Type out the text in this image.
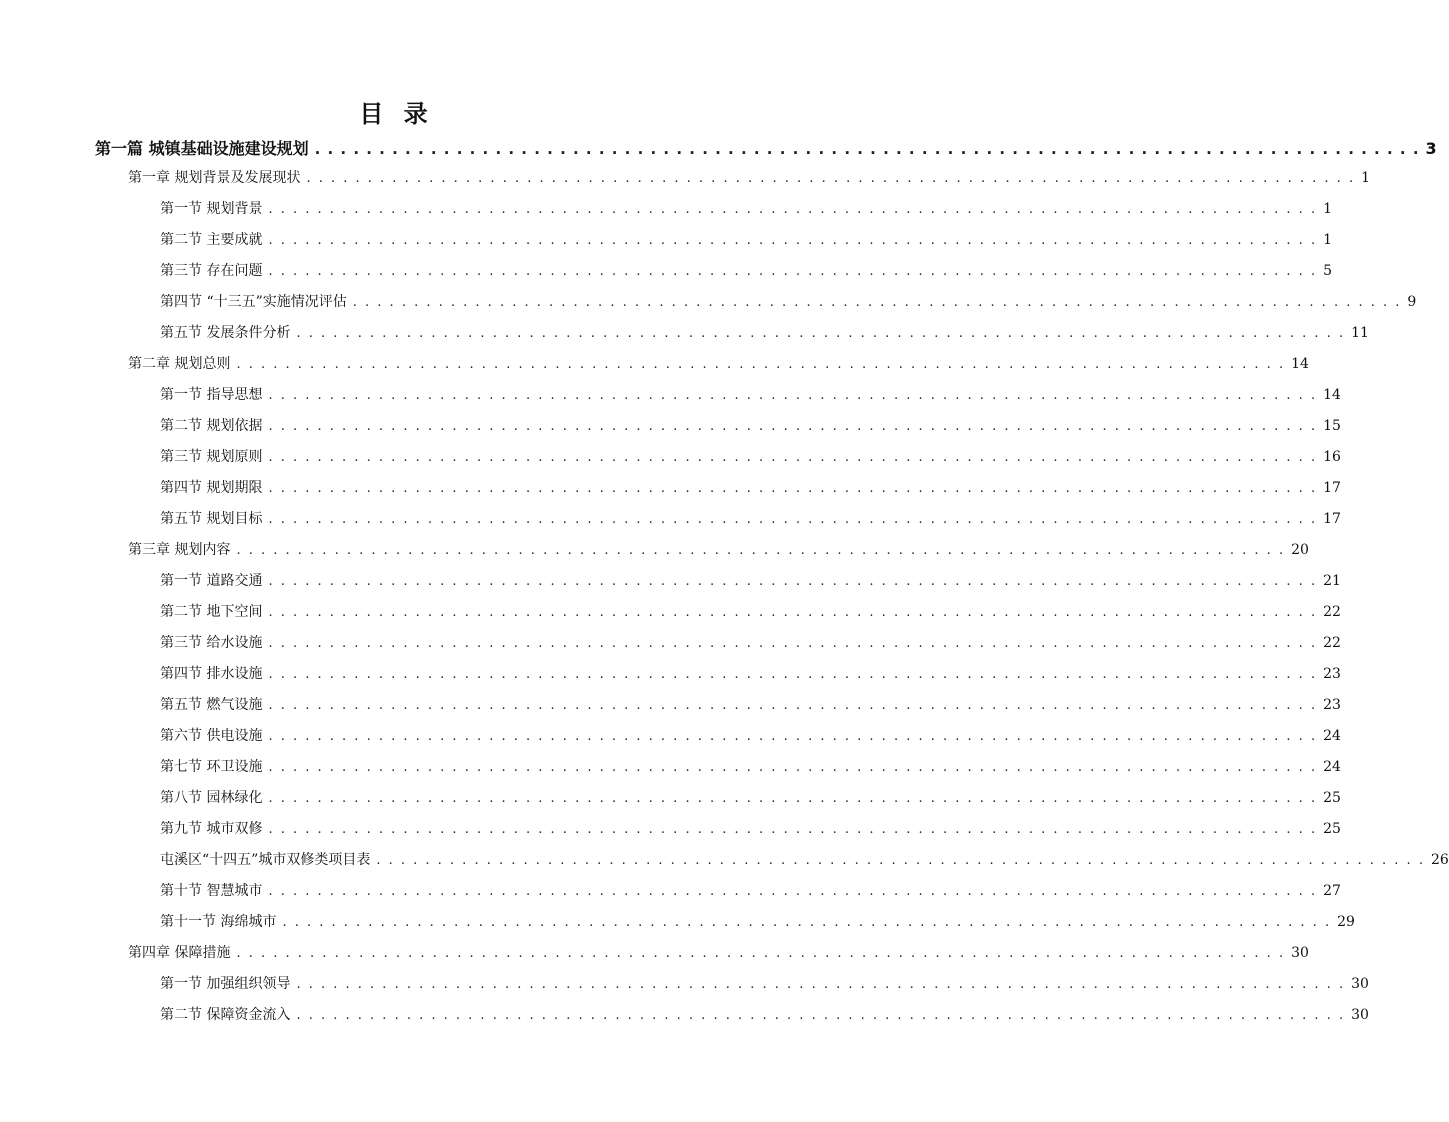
目 录
第一篇 城镇基础设施建设规划 . . . . . . . . . . . . . . . . . . . . . . . . . . . . . . . . . . . . . . . . . . . . . . . . . . . . . . . . . . . . . . . . . . . . . . . . . . . . . . . . . . . . . . 3
第一章 规划背景及发展现状 . . . . . . . . . . . . . . . . . . . . . . . . . . . . . . . . . . . . . . . . . . . . . . . . . . . . . . . . . . . . . . . . . . . . . . . . . . . . . . . . . . . . . . 1
第一节 规划背景 . . . . . . . . . . . . . . . . . . . . . . . . . . . . . . . . . . . . . . . . . . . . . . . . . . . . . . . . . . . . . . . . . . . . . . . . . . . . . . . . . . . . . . 1
第二节 主要成就 . . . . . . . . . . . . . . . . . . . . . . . . . . . . . . . . . . . . . . . . . . . . . . . . . . . . . . . . . . . . . . . . . . . . . . . . . . . . . . . . . . . . . . 1
第三节 存在问题 . . . . . . . . . . . . . . . . . . . . . . . . . . . . . . . . . . . . . . . . . . . . . . . . . . . . . . . . . . . . . . . . . . . . . . . . . . . . . . . . . . . . . . 5
第四节 “十三五”实施情况评估 . . . . . . . . . . . . . . . . . . . . . . . . . . . . . . . . . . . . . . . . . . . . . . . . . . . . . . . . . . . . . . . . . . . . . . . . . . . . . . . . . . . . . . 9
第五节 发展条件分析 . . . . . . . . . . . . . . . . . . . . . . . . . . . . . . . . . . . . . . . . . . . . . . . . . . . . . . . . . . . . . . . . . . . . . . . . . . . . . . . . . . . . . . 11
第二章 规划总则 . . . . . . . . . . . . . . . . . . . . . . . . . . . . . . . . . . . . . . . . . . . . . . . . . . . . . . . . . . . . . . . . . . . . . . . . . . . . . . . . . . . . . . 14
第一节 指导思想 . . . . . . . . . . . . . . . . . . . . . . . . . . . . . . . . . . . . . . . . . . . . . . . . . . . . . . . . . . . . . . . . . . . . . . . . . . . . . . . . . . . . . . 14
第二节 规划依据 . . . . . . . . . . . . . . . . . . . . . . . . . . . . . . . . . . . . . . . . . . . . . . . . . . . . . . . . . . . . . . . . . . . . . . . . . . . . . . . . . . . . . . 15
第三节 规划原则 . . . . . . . . . . . . . . . . . . . . . . . . . . . . . . . . . . . . . . . . . . . . . . . . . . . . . . . . . . . . . . . . . . . . . . . . . . . . . . . . . . . . . . 16
第四节 规划期限 . . . . . . . . . . . . . . . . . . . . . . . . . . . . . . . . . . . . . . . . . . . . . . . . . . . . . . . . . . . . . . . . . . . . . . . . . . . . . . . . . . . . . . 17
第五节 规划目标 . . . . . . . . . . . . . . . . . . . . . . . . . . . . . . . . . . . . . . . . . . . . . . . . . . . . . . . . . . . . . . . . . . . . . . . . . . . . . . . . . . . . . . 17
第三章 规划内容 . . . . . . . . . . . . . . . . . . . . . . . . . . . . . . . . . . . . . . . . . . . . . . . . . . . . . . . . . . . . . . . . . . . . . . . . . . . . . . . . . . . . . . 20
第一节 道路交通 . . . . . . . . . . . . . . . . . . . . . . . . . . . . . . . . . . . . . . . . . . . . . . . . . . . . . . . . . . . . . . . . . . . . . . . . . . . . . . . . . . . . . . 21
第二节 地下空间 . . . . . . . . . . . . . . . . . . . . . . . . . . . . . . . . . . . . . . . . . . . . . . . . . . . . . . . . . . . . . . . . . . . . . . . . . . . . . . . . . . . . . . 22
第三节 给水设施 . . . . . . . . . . . . . . . . . . . . . . . . . . . . . . . . . . . . . . . . . . . . . . . . . . . . . . . . . . . . . . . . . . . . . . . . . . . . . . . . . . . . . . 22
第四节 排水设施 . . . . . . . . . . . . . . . . . . . . . . . . . . . . . . . . . . . . . . . . . . . . . . . . . . . . . . . . . . . . . . . . . . . . . . . . . . . . . . . . . . . . . . 23
第五节 燃气设施 . . . . . . . . . . . . . . . . . . . . . . . . . . . . . . . . . . . . . . . . . . . . . . . . . . . . . . . . . . . . . . . . . . . . . . . . . . . . . . . . . . . . . . 23
第六节 供电设施 . . . . . . . . . . . . . . . . . . . . . . . . . . . . . . . . . . . . . . . . . . . . . . . . . . . . . . . . . . . . . . . . . . . . . . . . . . . . . . . . . . . . . . 24
第七节 环卫设施 . . . . . . . . . . . . . . . . . . . . . . . . . . . . . . . . . . . . . . . . . . . . . . . . . . . . . . . . . . . . . . . . . . . . . . . . . . . . . . . . . . . . . . 24
第八节 园林绿化 . . . . . . . . . . . . . . . . . . . . . . . . . . . . . . . . . . . . . . . . . . . . . . . . . . . . . . . . . . . . . . . . . . . . . . . . . . . . . . . . . . . . . . 25
第九节 城市双修 . . . . . . . . . . . . . . . . . . . . . . . . . . . . . . . . . . . . . . . . . . . . . . . . . . . . . . . . . . . . . . . . . . . . . . . . . . . . . . . . . . . . . . 25
屯溪区“十四五”城市双修类项目表 . . . . . . . . . . . . . . . . . . . . . . . . . . . . . . . . . . . . . . . . . . . . . . . . . . . . . . . . . . . . . . . . . . . . . . . . . . . . . . . . . . . . . . 26
第十节 智慧城市 . . . . . . . . . . . . . . . . . . . . . . . . . . . . . . . . . . . . . . . . . . . . . . . . . . . . . . . . . . . . . . . . . . . . . . . . . . . . . . . . . . . . . . 27
第十一节 海绵城市 . . . . . . . . . . . . . . . . . . . . . . . . . . . . . . . . . . . . . . . . . . . . . . . . . . . . . . . . . . . . . . . . . . . . . . . . . . . . . . . . . . . . . . 29
第四章 保障措施 . . . . . . . . . . . . . . . . . . . . . . . . . . . . . . . . . . . . . . . . . . . . . . . . . . . . . . . . . . . . . . . . . . . . . . . . . . . . . . . . . . . . . . 30
第一节 加强组织领导 . . . . . . . . . . . . . . . . . . . . . . . . . . . . . . . . . . . . . . . . . . . . . . . . . . . . . . . . . . . . . . . . . . . . . . . . . . . . . . . . . . . . . . 30
第二节 保障资金流入 . . . . . . . . . . . . . . . . . . . . . . . . . . . . . . . . . . . . . . . . . . . . . . . . . . . . . . . . . . . . . . . . . . . . . . . . . . . . . . . . . . . . . . 30
